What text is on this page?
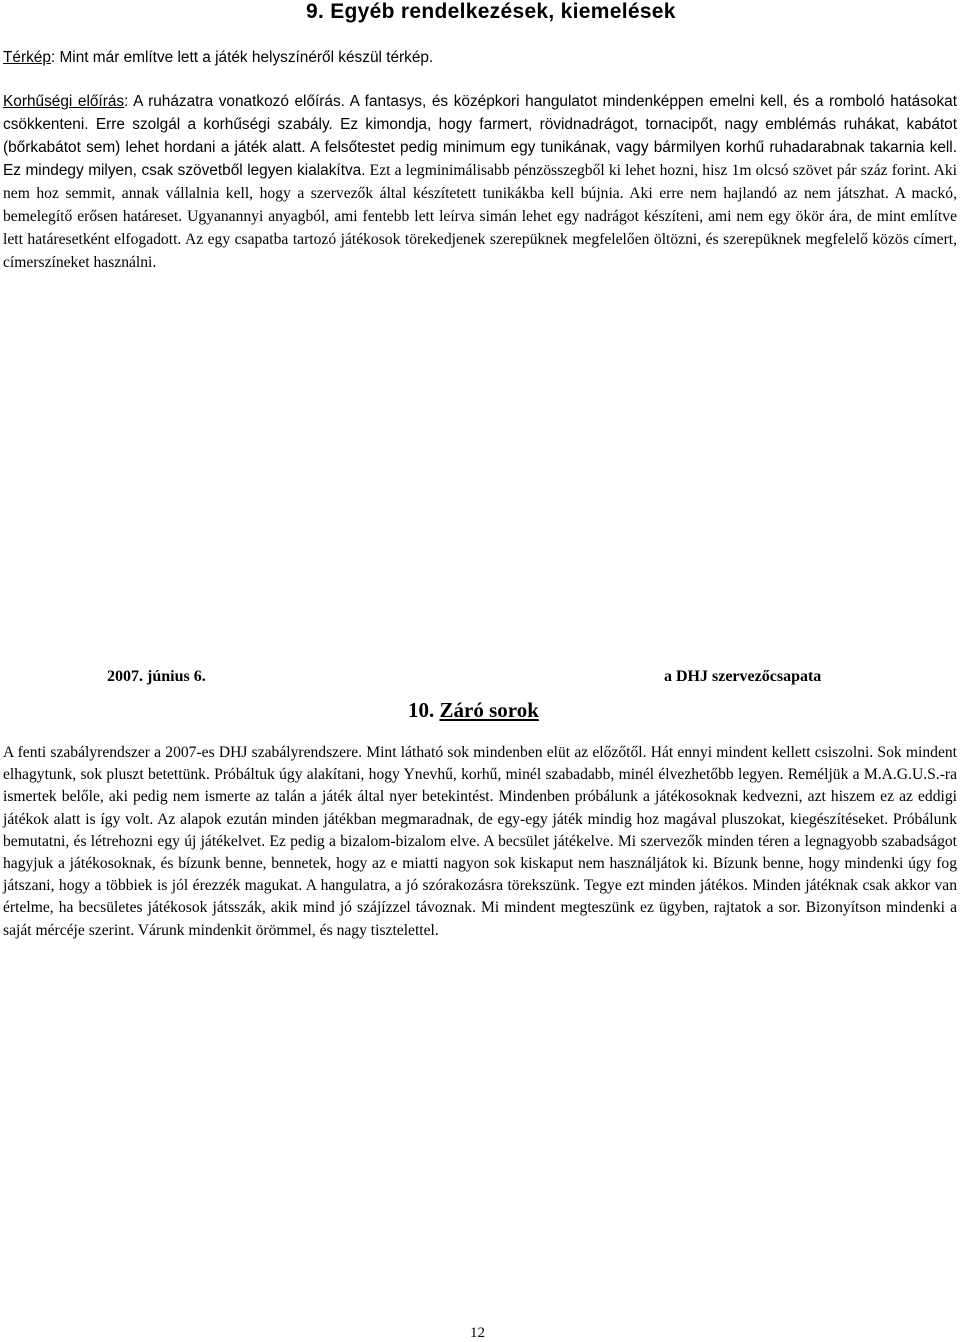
9. Egyéb rendelkezések, kiemelések

Térkép: Mint már említve lett a játék helyszínéről készül térkép.

Korhűségi előírás: A ruházatra vonatkozó előírás. A fantasys, és középkori hangulatot mindenképpen emelni kell, és a romboló hatásokat csökkenteni. Erre szolgál a korhűségi szabály. Ez kimondja, hogy farmert, rövidnadrágot, tornacipőt, nagy emblémás ruhákat, kabátot (bőrkabátot sem) lehet hordani a játék alatt. A felsőtestet pedig minimum egy tunikának, vagy bármilyen korhű ruhadarabnak takarnia kell. Ez mindegy milyen, csak szövetből legyen kialakítva. Ezt a legminimálisabb pénzösszegből ki lehet hozni, hisz 1m olcsó szövet pár száz forint. Aki nem hoz semmit, annak vállalnia kell, hogy a szervezők által készítetett tunikákba kell bújnia. Aki erre nem hajlandó az nem játszhat. A mackó, bemelegítő erősen határeset. Ugyanannyi anyagból, ami fentebb lett leírva simán lehet egy nadrágot készíteni, ami nem egy ökör ára, de mint említve lett határesetként elfogadott. Az egy csapatba tartozó játékosok törekedjenek szerepüknek megfelelően öltözni, és szerepüknek megfelelő közös címert, címerszíneket használni.

10. Záró sorok

A fenti szabályrendszer a 2007-es DHJ szabályrendszere. Mint látható sok mindenben elüt az előzőtől. Hát ennyi mindent kellett csiszolni. Sok mindent elhagytunk, sok pluszt betettünk. Próbáltuk úgy alakítani, hogy Ynevhű, korhű, minél szabadabb, minél élvezhetőbb legyen. Reméljük a M.A.G.U.S.-ra ismertek belőle, aki pedig nem ismerte az talán a játék által nyer betekintést. Mindenben próbálunk a játékosoknak kedvezni, azt hiszem ez az eddigi játékok alatt is így volt. Az alapok ezután minden játékban megmaradnak, de egy-egy játék mindig hoz magával pluszokat, kiegészítéseket. Próbálunk bemutatni, és létrehozni egy új játékelvet. Ez pedig a bizalom-bizalom elve. A becsület játékelve. Mi szervezők minden téren a legnagyobb szabadságot hagyjuk a játékosoknak, és bízunk benne, bennetek, hogy az e miatti nagyon sok kiskaput nem használjátok ki. Bízunk benne, hogy mindenki úgy fog játszani, hogy a többiek is jól érezzék magukat. A hangulatra, a jó szórakozásra törekszünk. Tegye ezt minden játékos. Minden játéknak csak akkor van értelme, ha becsületes játékosok játsszák, akik mind jó szájízzel távoznak. Mi mindent megteszünk ez ügyben, rajtatok a sor. Bizonyítson mindenki a saját mércéje szerint. Várunk mindenkit örömmel, és nagy tisztelettel.

2007. június 6.	a DHJ szervezőcsapata
12
